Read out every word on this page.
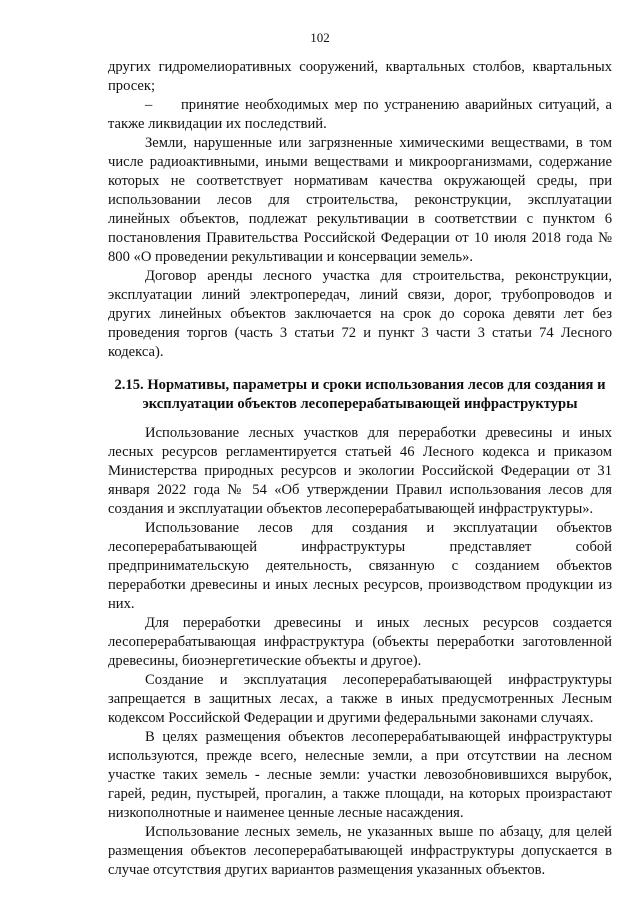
102

других гидромелиоративных сооружений, квартальных столбов, квартальных просек;

– принятие необходимых мер по устранению аварийных ситуаций, а также ликвидации их последствий.

Земли, нарушенные или загрязненные химическими веществами, в том числе радиоактивными, иными веществами и микроорганизмами, содержание которых не соответствует нормативам качества окружающей среды, при использовании лесов для строительства, реконструкции, эксплуатации линейных объектов, подлежат рекультивации в соответствии с пунктом 6 постановления Правительства Российской Федерации от 10 июля 2018 года № 800 «О проведении рекультивации и консервации земель».

Договор аренды лесного участка для строительства, реконструкции, эксплуатации линий электропередач, линий связи, дорог, трубопроводов и других линейных объектов заключается на срок до сорока девяти лет без проведения торгов (часть 3 статьи 72 и пункт 3 части 3 статьи 74 Лесного кодекса).

2.15. Нормативы, параметры и сроки использования лесов для создания и эксплуатации объектов лесоперерабатывающей инфраструктуры

Использование лесных участков для переработки древесины и иных лесных ресурсов регламентируется статьей 46 Лесного кодекса и приказом Министерства природных ресурсов и экологии Российской Федерации от 31 января 2022 года № 54 «Об утверждении Правил использования лесов для создания и эксплуатации объектов лесоперерабатывающей инфраструктуры».

Использование лесов для создания и эксплуатации объектов лесоперерабатывающей инфраструктуры представляет собой предпринимательскую деятельность, связанную с созданием объектов переработки древесины и иных лесных ресурсов, производством продукции из них.

Для переработки древесины и иных лесных ресурсов создается лесоперерабатывающая инфраструктура (объекты переработки заготовленной древесины, биоэнергетические объекты и другое).

Создание и эксплуатация лесоперерабатывающей инфраструктуры запрещается в защитных лесах, а также в иных предусмотренных Лесным кодексом Российской Федерации и другими федеральными законами случаях.

В целях размещения объектов лесоперерабатывающей инфраструктуры используются, прежде всего, нелесные земли, а при отсутствии на лесном участке таких земель - лесные земли: участки левозобновившихся вырубок, гарей, редин, пустырей, прогалин, а также площади, на которых произрастают низкополнотные и наименее ценные лесные насаждения.

Использование лесных земель, не указанных выше по абзацу, для целей размещения объектов лесоперерабатывающей инфраструктуры допускается в случае отсутствия других вариантов размещения указанных объектов.
